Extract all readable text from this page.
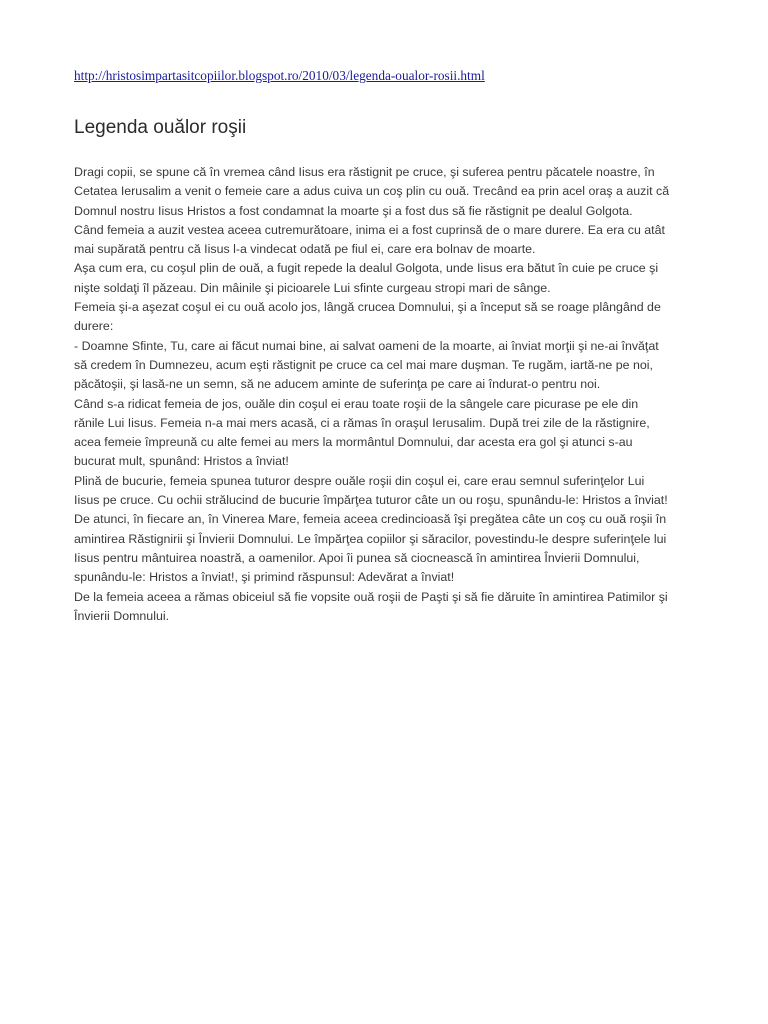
http://hristosimpartasitcopiilor.blogspot.ro/2010/03/legenda-oualor-rosii.html
Legenda ouălor roşii
Dragi copii, se spune că în vremea când Iisus era răstignit pe cruce, şi suferea pentru păcatele noastre, în
Cetatea Ierusalim a venit o femeie care a adus cuiva un coş plin cu ouă. Trecând ea prin acel oraş a auzit că
Domnul nostru Iisus Hristos a fost condamnat la moarte şi a fost dus să fie răstignit pe dealul Golgota.
Când femeia a auzit vestea aceea cutremurătoare, inima ei a fost cuprinsă de o mare durere. Ea era cu atât
mai supărată pentru că Iisus l-a vindecat odată pe fiul ei, care era bolnav de moarte.
Aşa cum era, cu coşul plin de ouă, a fugit repede la dealul Golgota, unde Iisus era bătut în cuie pe cruce şi
nişte soldaţi îl păzeau. Din mâinile şi picioarele Lui sfinte curgeau stropi mari de sânge.
Femeia şi-a aşezat coşul ei cu ouă acolo jos, lângă crucea Domnului, şi a început să se roage plângând de
durere:
- Doamne Sfinte, Tu, care ai făcut numai bine, ai salvat oameni de la moarte, ai înviat morţii şi ne-ai învăţat
să credem în Dumnezeu, acum eşti răstignit pe cruce ca cel mai mare duşman. Te rugăm, iartă-ne pe noi,
păcătoşii, şi lasă-ne un semn, să ne aducem aminte de suferinţa pe care ai îndurat-o pentru noi.
Când s-a ridicat femeia de jos, ouăle din coşul ei erau toate roşii de la sângele care picurase pe ele din
rănile Lui Iisus. Femeia n-a mai mers acasă, ci a rămas în oraşul Ierusalim. După trei zile de la răstignire,
acea femeie împreună cu alte femei au mers la mormântul Domnului, dar acesta era gol şi atunci s-au
bucurat mult, spunând: Hristos a înviat!
Plină de bucurie, femeia spunea tuturor despre ouăle roşii din coşul ei, care erau semnul suferinţelor Lui
Iisus pe cruce. Cu ochii strălucind de bucurie împărţea tuturor câte un ou roşu, spunându-le: Hristos a înviat!
De atunci, în fiecare an, în Vinerea Mare, femeia aceea credincioasă îşi pregătea câte un coş cu ouă roşii în
amintirea Răstignirii şi Învierii Domnului. Le împărţea copiilor şi săracilor, povestindu-le despre suferinţele lui
Iisus pentru mântuirea noastră, a oamenilor. Apoi îi punea să ciocnească în amintirea Învierii Domnului,
spunându-le: Hristos a înviat!, şi primind răspunsul: Adevărat a înviat!
De la femeia aceea a rămas obiceiul să fie vopsite ouă roşii de Paşti şi să fie dăruite în amintirea Patimilor şi
Învierii Domnului.
